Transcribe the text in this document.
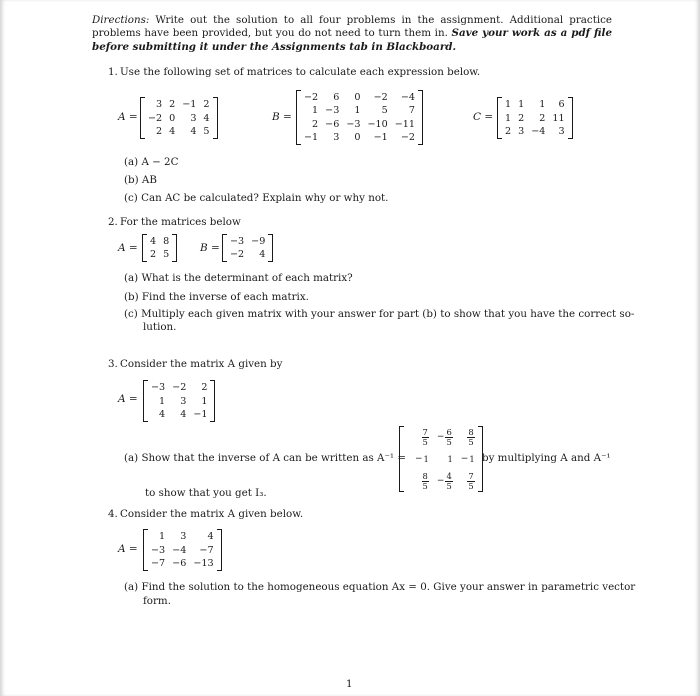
Directions: Write out the solution to all four problems in the assignment. Additional practice problems have been provided, but you do not need to turn them in. Save your work as a pdf file before submitting it under the Assignments tab in Blackboard.
1. Use the following set of matrices to calculate each expression below.
A =
3 2 −1 2
−2 0	3 4
2 4	4 5
B =
−2	6	0	−2	−4
1 −3	1	5	7
2 −6 −3 −10 −11
−1	3	0	−1	−2
C =
1 1	1	6
1 2	2 11
2 3 −4	3
(a) A − 2C
(b) AB
(c) Can AC be calculated? Explain why or why not.
2. For the matrices below
A =
4 8
2 5
B =
−3 −9
−2	4
(a) What is the determinant of each matrix?
(b) Find the inverse of each matrix.
(c) Multiply each given matrix with your answer for part (b) to show that you have the correct so-
lution.
3. Consider the matrix A given by
A =
−3 −2	2
1	3	1
4	4 −1
(a) Show that the inverse of A can be written as A⁻¹ =
$\frac{7}{5} - \frac{6}{5} \frac{8}{5}$
− 1 1 − 1
$\frac{8}{5} - \frac{4}{5} \frac{7}{5}$
by multiplying A and A⁻¹
to show that you get I₃.
4. Consider the matrix A given below.
A =
1	3	4
−3 −4	−7
−7 −6 −13
(a) Find the solution to the homogeneous equation Ax = 0. Give your answer in parametric vector
form.
1
